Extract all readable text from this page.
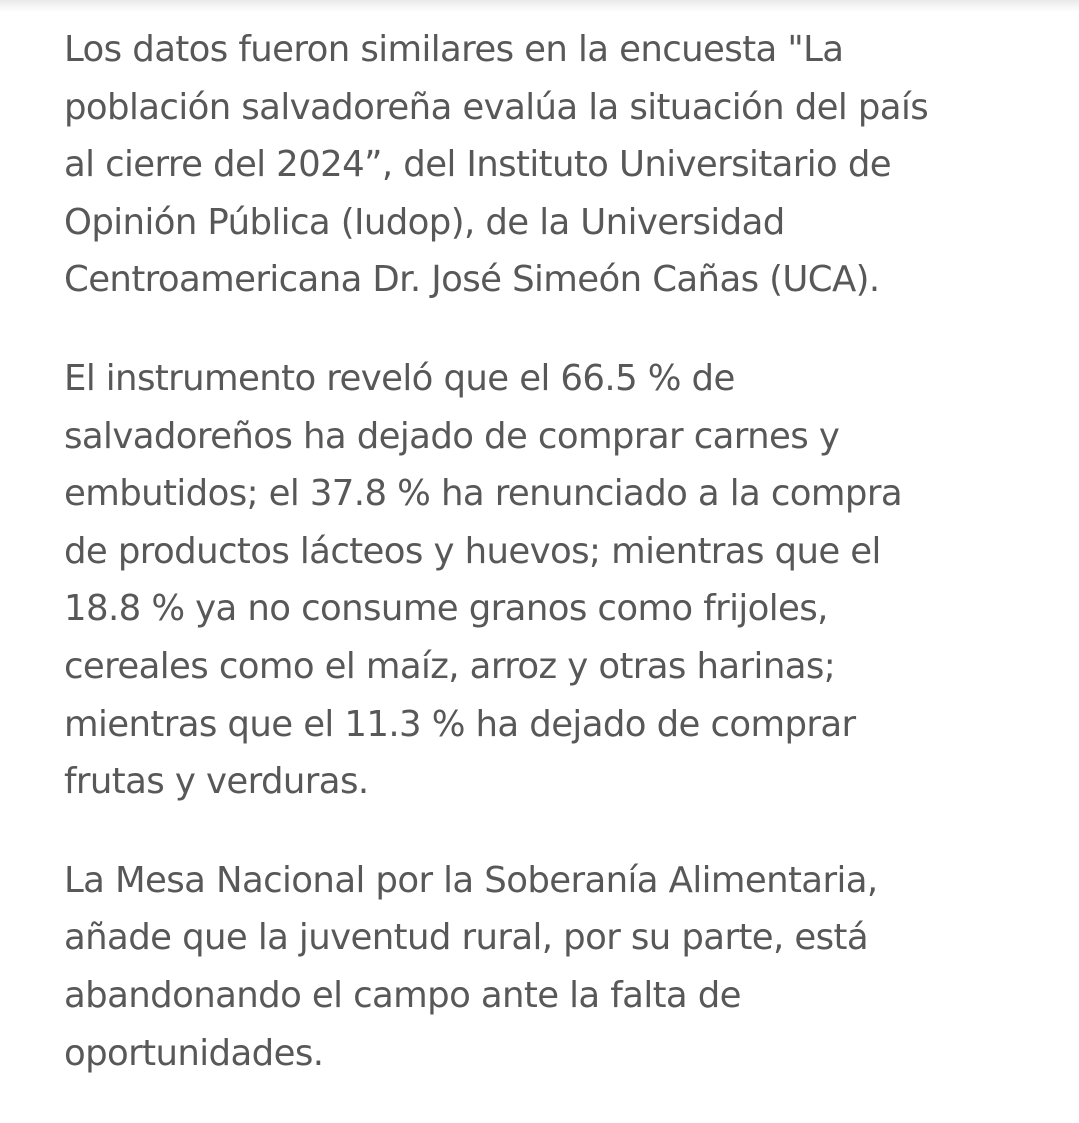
Los datos fueron similares en la encuesta "La
población salvadoreña evalúa la situación del país
al cierre del 2024”, del Instituto Universitario de
Opinión Pública (Iudop), de la Universidad
Centroamericana Dr. José Simeón Cañas (UCA).

El instrumento reveló que el 66.5 % de
salvadoreños ha dejado de comprar carnes y
embutidos; el 37.8 % ha renunciado a la compra
de productos lácteos y huevos; mientras que el
18.8 % ya no consume granos como frijoles,
cereales como el maíz, arroz y otras harinas;
mientras que el 11.3 % ha dejado de comprar
frutas y verduras.

La Mesa Nacional por la Soberanía Alimentaria,
añade que la juventud rural, por su parte, está
abandonando el campo ante la falta de
oportunidades.
